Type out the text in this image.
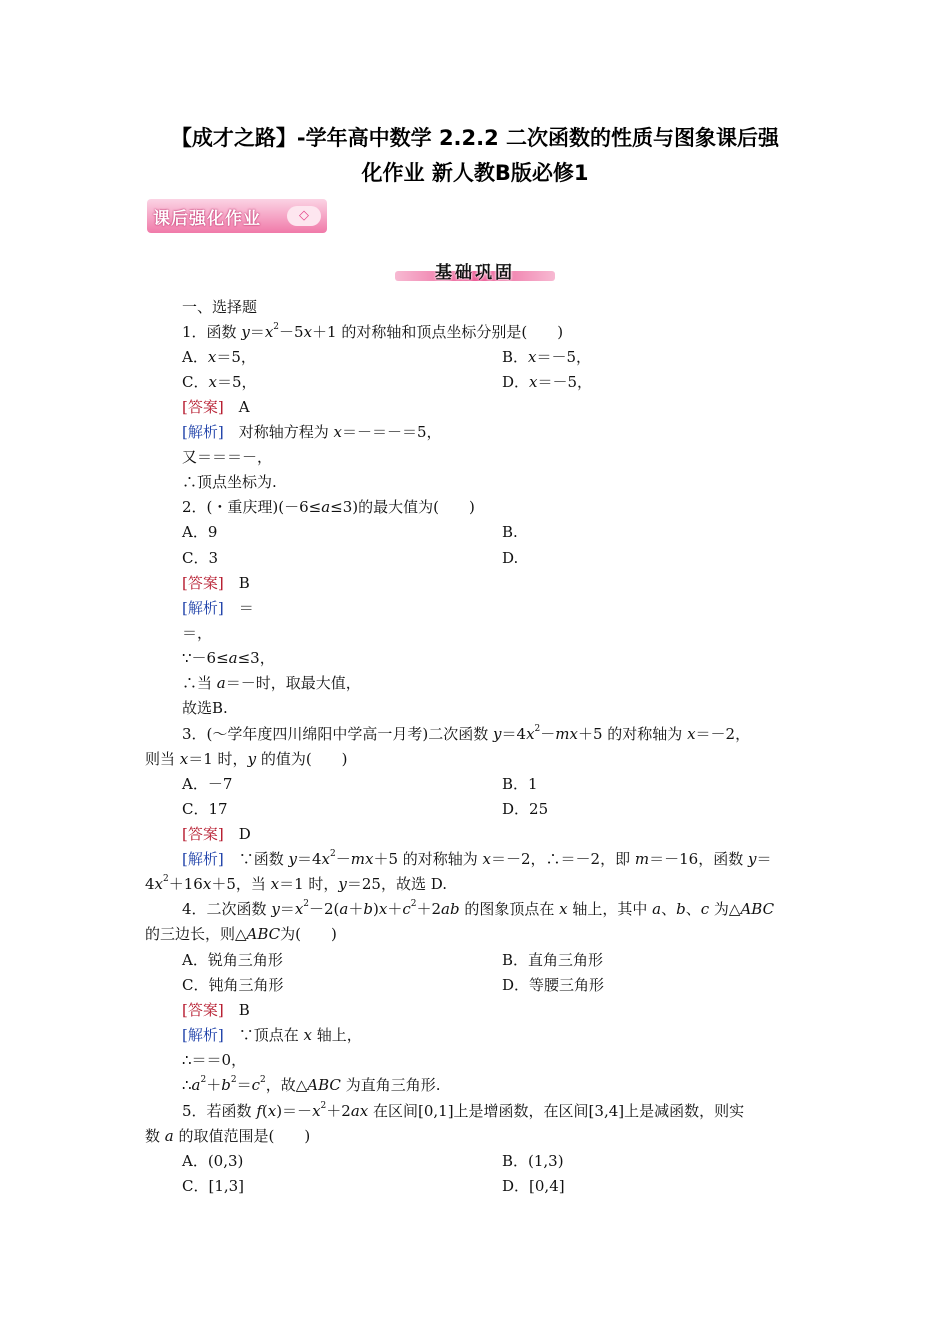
【成才之路】-学年高中数学 2.2.2 二次函数的性质与图象课后强
化作业 新人教B版必修1
课后强化作业	◇
基础巩固
一、选择题
1．函数 $y=x^2-5x+1$ 的对称轴和顶点坐标分别是(　　)
A．x＝5，	B．x＝－5，
C．x＝5，	D．x＝－5，
[答案]　 A
[解析]　 对称轴方程为 x＝－＝－＝5，
又＝＝＝－，
∴顶点坐标为.
2．(・重庆理)(－6≤a≤3)的最大值为(　　)
A．9	B.
C．3	D.
[答案]　 B
[解析]　 ＝
＝，
∵－6≤a≤3，
∴当 a＝－时，取最大值，
故选B.
3．(～学年度四川绵阳中学高一月考)二次函数 $y=4x^2-mx+5$ 的对称轴为 x＝－2，
则当 x＝1 时，y 的值为(　　)
A．－7	B．1
C．17	D．25
[答案]　 D
[解析]　 ∵函数 $y=4x^2-mx+5$ 的对称轴为 x＝－2，∴＝－2，即 m＝－16，函数 y＝
$4x^2+16x+5$，当 x＝1 时，y＝25，故选 D.
4．二次函数 $y=x^2-2(a+b)x+c^2+2ab$ 的图象顶点在 x 轴上，其中 a、b、c 为△ABC
的三边长，则△ABC为(　　)
A．锐角三角形	B．直角三角形
C．钝角三角形	D．等腰三角形
[答案]　 B
[解析]　 ∵顶点在 x 轴上，
∴＝＝0，
$\therefore a^2+b^2=c^2$，故△ABC 为直角三角形.
5．若函数 $f(x)=-x^2+2ax$ 在区间[0,1]上是增函数，在区间[3,4]上是减函数，则实
数 a 的取值范围是(　　)
A．(0,3)	B．(1,3)
C．[1,3]	D．[0,4]
